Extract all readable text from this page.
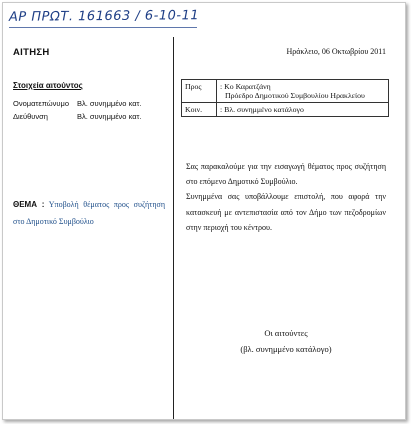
ΑΡ ΠΡΩΤ. 161663 / 6-10-11
ΑΙΤΗΣΗ
Στοιχεία αιτούντος
Ονοματεπώνυμο Βλ. συνημμένο κατ.
Διεύθυνση	Βλ. συνημμένο κατ.
ΘΕΜΑ : Υποβολή θέματος προς συζήτηση στο Δημοτικό Συμβούλιο
Ηράκλειο, 06 Οκτωβρίου 2011
Προς	: Κο Καρατζάνη
Πρόεδρο Δημοτικού Συμβουλίου Ηρακλείου

Κοιν.	: Βλ. συνημμένο κατάλογο

Σας παρακαλούμε για την εισαγωγή θέματος προς συζήτηση στο επόμενο Δημοτικό Συμβούλιο.

Συνημμένα σας υποβάλλουμε επιστολή, που αφορά την κατασκευή με αντεπιστασία από τον Δήμο των πεζοδρομίων στην περιοχή του κέντρου.

Οι αιτούντες
(βλ. συνημμένο κατάλογο)
